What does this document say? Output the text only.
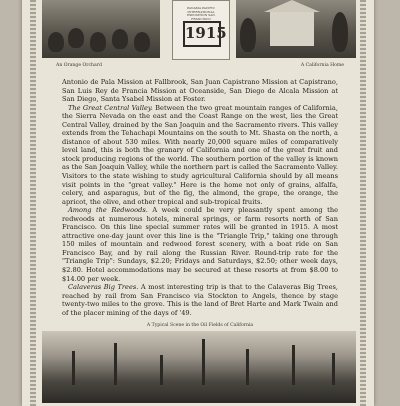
PANAMA PACIFIC INTERNATIONAL EXPOSITION SAN FRANCISCO
1915
An Orange Orchard	A California Home

Antonio de Pala Mission at Fallbrook, San Juan Capistrano Mission at Capistrano, San Luis Rey de Francia Mission at Oceanside, San Diego de Alcala Mission at San Diego, Santa Ysabel Mission at Foster.

The Great Central Valley. Between the two great mountain ranges of California, the Sierra Nevada on the east and the Coast Range on the west, lies the Great Central Valley, drained by the San Joaquin and the Sacramento rivers. This valley extends from the Tehachapi Mountains on the south to Mt. Shasta on the north, a distance of about 530 miles. With nearly 20,000 square miles of comparatively level land, this is both the granary of California and one of the great fruit and stock producing regions of the world. The southern portion of the valley is known as the San Joaquin Valley, while the northern part is called the Sacramento Valley. Visitors to the state wishing to study agricultural California should by all means visit points in the "great valley." Here is the home not only of grains, alfalfa, celery, and asparagus, but of the fig, the almond, the grape, the orange, the apricot, the olive, and other tropical and sub-tropical fruits.

Among the Redwoods. A week could be very pleasantly spent among the redwoods at numerous hotels, mineral springs, or farm resorts north of San Francisco. On this line special summer rates will be granted in 1915. A most attractive one-day jaunt over this line is the "Triangle Trip," taking one through 150 miles of mountain and redwood forest scenery, with a boat ride on San Francisco Bay, and by rail along the Russian River. Round-trip rate for the "Triangle Trip": Sundays, $2.20; Fridays and Saturdays, $2.50; other week days, $2.80. Hotel accommodations may be secured at these resorts at from $8.00 to $14.00 per week.

Calaveras Big Trees. A most interesting trip is that to the Calaveras Big Trees, reached by rail from San Francisco via Stockton to Angels, thence by stage twenty-two miles to the grove. This is the land of Bret Harte and Mark Twain and of the placer mining of the days of '49.

A Typical Scene in the Oil Fields of California
